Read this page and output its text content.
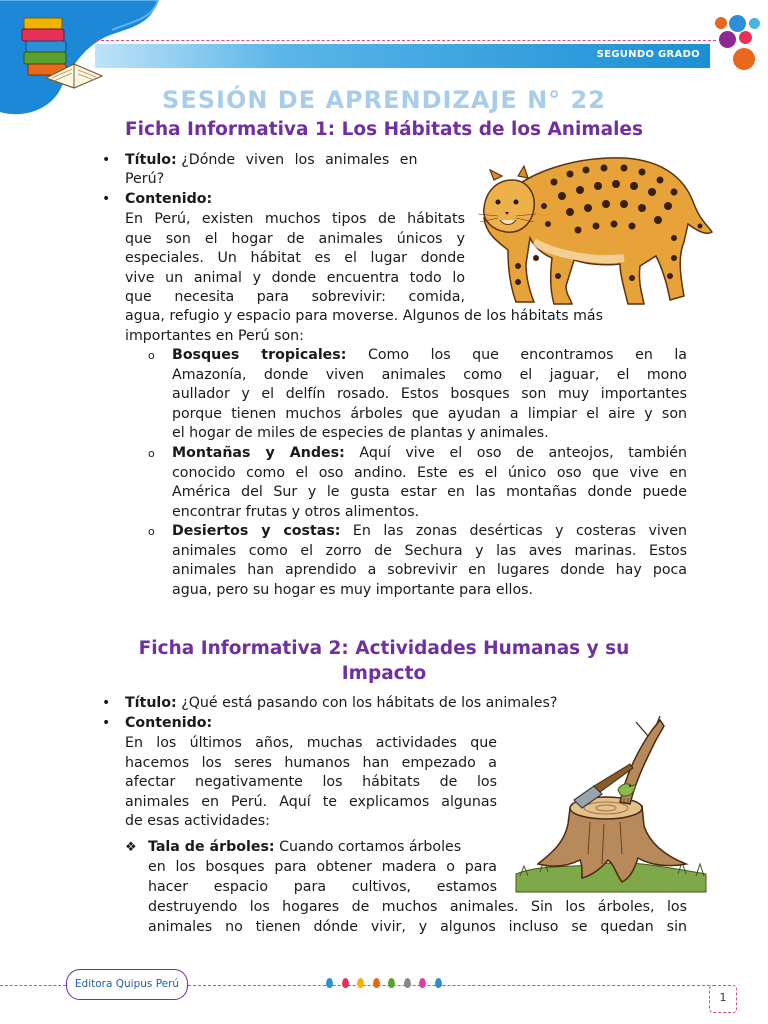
SEGUNDO GRADO
SESIÓN DE APRENDIZAJE N° 22
Ficha Informativa 1: Los Hábitats de los Animales
• Título: ¿Dónde viven los animales en
Perú?
• Contenido:
En Perú, existen muchos tipos de hábitats
que son el hogar de animales únicos y
especiales. Un hábitat es el lugar donde
vive un animal y donde encuentra todo lo
que necesita para sobrevivir: comida,
agua, refugio y espacio para moverse. Algunos de los hábitats más
importantes en Perú son:
o Bosques tropicales: Como los que encontramos en la
Amazonía, donde viven animales como el jaguar, el mono
aullador y el delfín rosado. Estos bosques son muy importantes
porque tienen muchos árboles que ayudan a limpiar el aire y son
el hogar de miles de especies de plantas y animales.
o Montañas y Andes: Aquí vive el oso de anteojos, también
conocido como el oso andino. Este es el único oso que vive en
América del Sur y le gusta estar en las montañas donde puede
encontrar frutas y otros alimentos.
o Desiertos y costas: En las zonas desérticas y costeras viven
animales como el zorro de Sechura y las aves marinas. Estos
animales han aprendido a sobrevivir en lugares donde hay poca
agua, pero su hogar es muy importante para ellos.
Ficha Informativa 2: Actividades Humanas y su
Impacto
• Título: ¿Qué está pasando con los hábitats de los animales?
• Contenido:
En los últimos años, muchas actividades que
hacemos los seres humanos han empezado a
afectar negativamente los hábitats de los
animales en Perú. Aquí te explicamos algunas
de esas actividades:
❖ Tala de árboles: Cuando cortamos árboles
en los bosques para obtener madera o para
hacer espacio para cultivos, estamos
destruyendo los hogares de muchos animales. Sin los árboles, los
animales no tienen dónde vivir, y algunos incluso se quedan sin
Editora Quipus Perú
1
